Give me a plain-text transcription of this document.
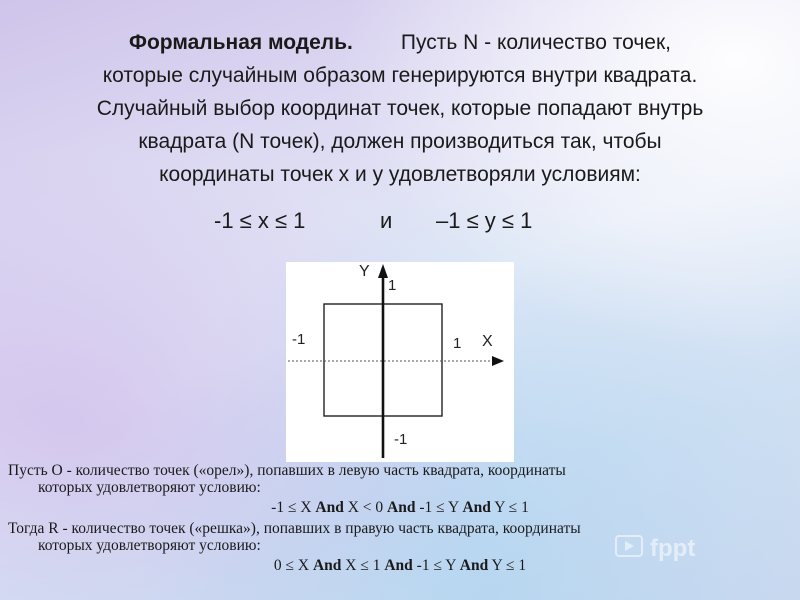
Формальная модель. Пусть N - количество точек,
которые случайным образом генерируются внутри квадрата.
Случайный выбор координат точек, которые попадают внутрь
квадрата (N точек), должен производиться так, чтобы
координаты точек х и у удовлетворяли условиям:
-1 ≤ х ≤ 1	и –1 ≤ у ≤ 1
Y
1
-1	1 X
-1
Пусть О - количество точек («орел»), попавших в левую часть квадрата, координаты
которых удовлетворяют условию:
-1 ≤ X And X < 0 And -1 ≤ Y And Y ≤ 1
Тогда R - количество точек («решка»), попавших в правую часть квадрата, координаты
которых удовлетворяют условию:
0 ≤ X And X ≤ 1 And -1 ≤ Y And Y ≤ 1
fppt
